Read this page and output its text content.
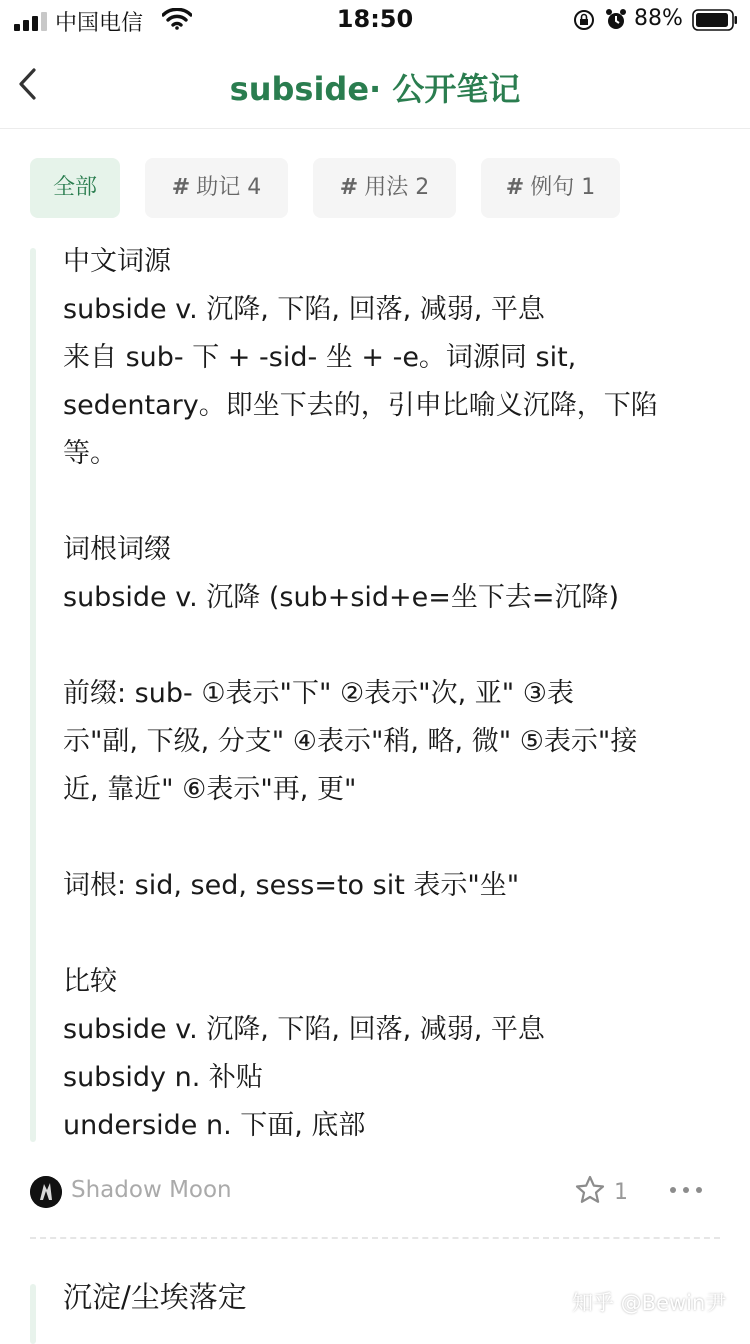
中国电信	18:50	88%
subside· 公开笔记
全部	# 助记 4	# 用法 2	# 例句 1
中文词源
subside v. 沉降, 下陷, 回落, 减弱, 平息
来自 sub- 下 + -sid- 坐 + -e。词源同 sit,
sedentary。即坐下去的，引申比喻义沉降，下陷
等。
词根词缀
subside v. 沉降 (sub+sid+e=坐下去=沉降)
前缀: sub- ①表示"下" ②表示"次, 亚" ③表
示"副, 下级, 分支" ④表示"稍, 略, 微" ⑤表示"接
近, 靠近" ⑥表示"再, 更"
词根: sid, sed, sess=to sit 表示"坐"
比较
subside v. 沉降, 下陷, 回落, 减弱, 平息
subsidy n. 补贴
underside n. 下面, 底部
Shadow Moon	1
沉淀/尘埃落定	知乎 @Bewin尹
